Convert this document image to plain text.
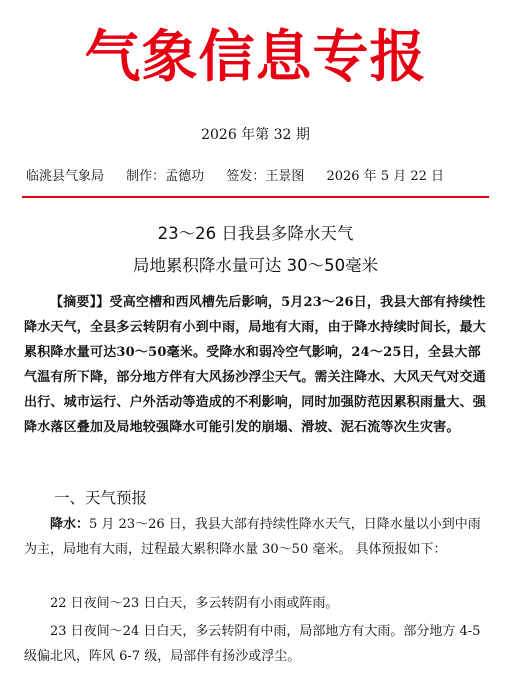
气象信息专报
2026 年第 32 期
临洮县气象局 制作：孟德功 签发：王景图 2026 年 5 月 22 日
23～26 日我县多降水天气
局地累积降水量可达 30～50毫米
【摘要】】受高空槽和西风槽先后影响，5月23～26日，我县大部有持续性降水天气，全县多云转阴有小到中雨，局地有大雨，由于降水持续时间长，最大累积降水量可达30～50毫米。受降水和弱冷空气影响，24～25日，全县大部气温有所下降，部分地方伴有大风扬沙浮尘天气。需关注降水、大风天气对交通出行、城市运行、户外活动等造成的不利影响，同时加强防范因累积雨量大、强降水落区叠加及局地较强降水可能引发的崩塌、滑坡、泥石流等次生灾害。
一、天气预报
降水：5 月 23～26 日，我县大部有持续性降水天气，日降水量以小到中雨为主，局地有大雨，过程最大累积降水量 30～50 毫米。 具体预报如下：
22 日夜间～23 日白天，多云转阴有小雨或阵雨。
23 日夜间～24 日白天，多云转阴有中雨，局部地方有大雨。部分地方 4-5 级偏北风，阵风 6-7 级，局部伴有扬沙或浮尘。
